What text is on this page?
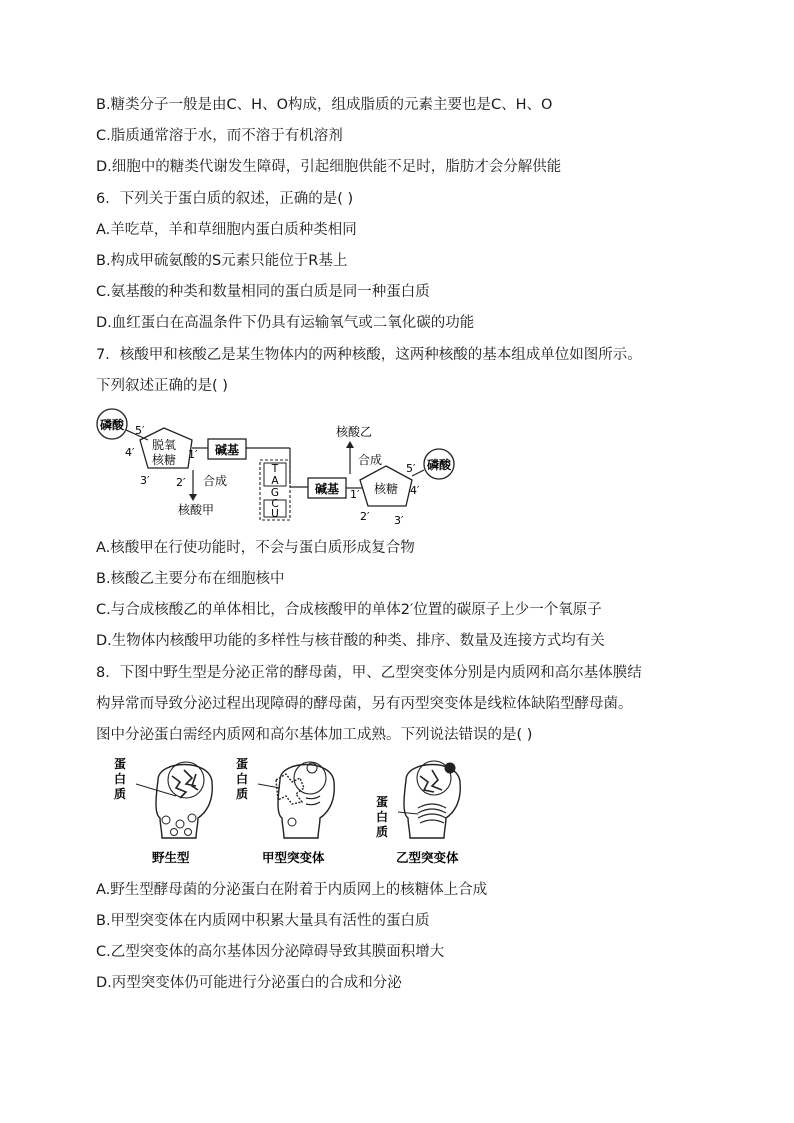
B.糖类分子一般是由C、H、O构成，组成脂质的元素主要也是C、H、O
C.脂质通常溶于水，而不溶于有机溶剂
D.细胞中的糖类代谢发生障碍，引起细胞供能不足时，脂肪才会分解供能
6．下列关于蛋白质的叙述，正确的是( )
A.羊吃草，羊和草细胞内蛋白质种类相同
B.构成甲硫氨酸的S元素只能位于R基上
C.氨基酸的种类和数量相同的蛋白质是同一种蛋白质
D.血红蛋白在高温条件下仍具有运输氧气或二氧化碳的功能
7．核酸甲和核酸乙是某生物体内的两种核酸，这两种核酸的基本组成单位如图所示。
下列叙述正确的是( )
磷酸 5′
4′
脱氧
核糖
3′ 2′
1′ 碱基
合成
核酸甲
T
A
G
C
U
碱基 1′ 核糖
2′ 3′
4′
5′ 磷酸
合成
核酸乙
A.核酸甲在行使功能时，不会与蛋白质形成复合物
B.核酸乙主要分布在细胞核中
C.与合成核酸乙的单体相比，合成核酸甲的单体2′位置的碳原子上少一个氧原子
D.生物体内核酸甲功能的多样性与核苷酸的种类、排序、数量及连接方式均有关
8．下图中野生型是分泌正常的酵母菌，甲、乙型突变体分别是内质网和高尔基体膜结
构异常而导致分泌过程出现障碍的酵母菌，另有丙型突变体是线粒体缺陷型酵母菌。
图中分泌蛋白需经内质网和高尔基体加工成熟。下列说法错误的是( )
蛋
白
质
野生型
蛋
白
质
甲型突变体
蛋
白
质
乙型突变体
A.野生型酵母菌的分泌蛋白在附着于内质网上的核糖体上合成
B.甲型突变体在内质网中积累大量具有活性的蛋白质
C.乙型突变体的高尔基体因分泌障碍导致其膜面积增大
D.丙型突变体仍可能进行分泌蛋白的合成和分泌
